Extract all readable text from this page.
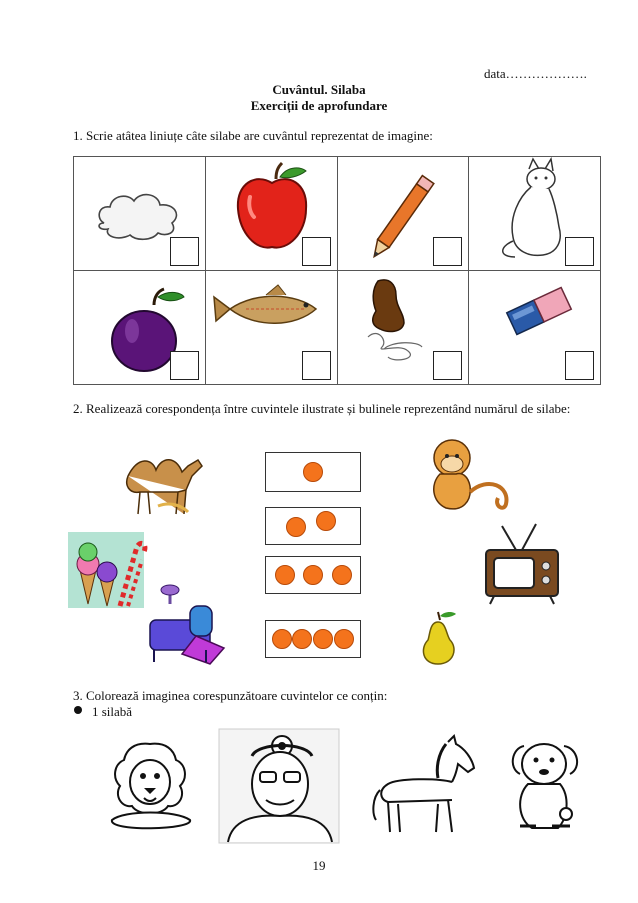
data……………….
Cuvântul. Silaba
Exerciții de aprofundare
1. Scrie atâtea liniuțe câte silabe are cuvântul reprezentat de imagine:

2. Realizează corespondența între cuvintele ilustrate și bulinele reprezentând numărul de silabe:
3. Colorează imaginea corespunzătoare cuvintelor ce conțin:
1 silabă
19
